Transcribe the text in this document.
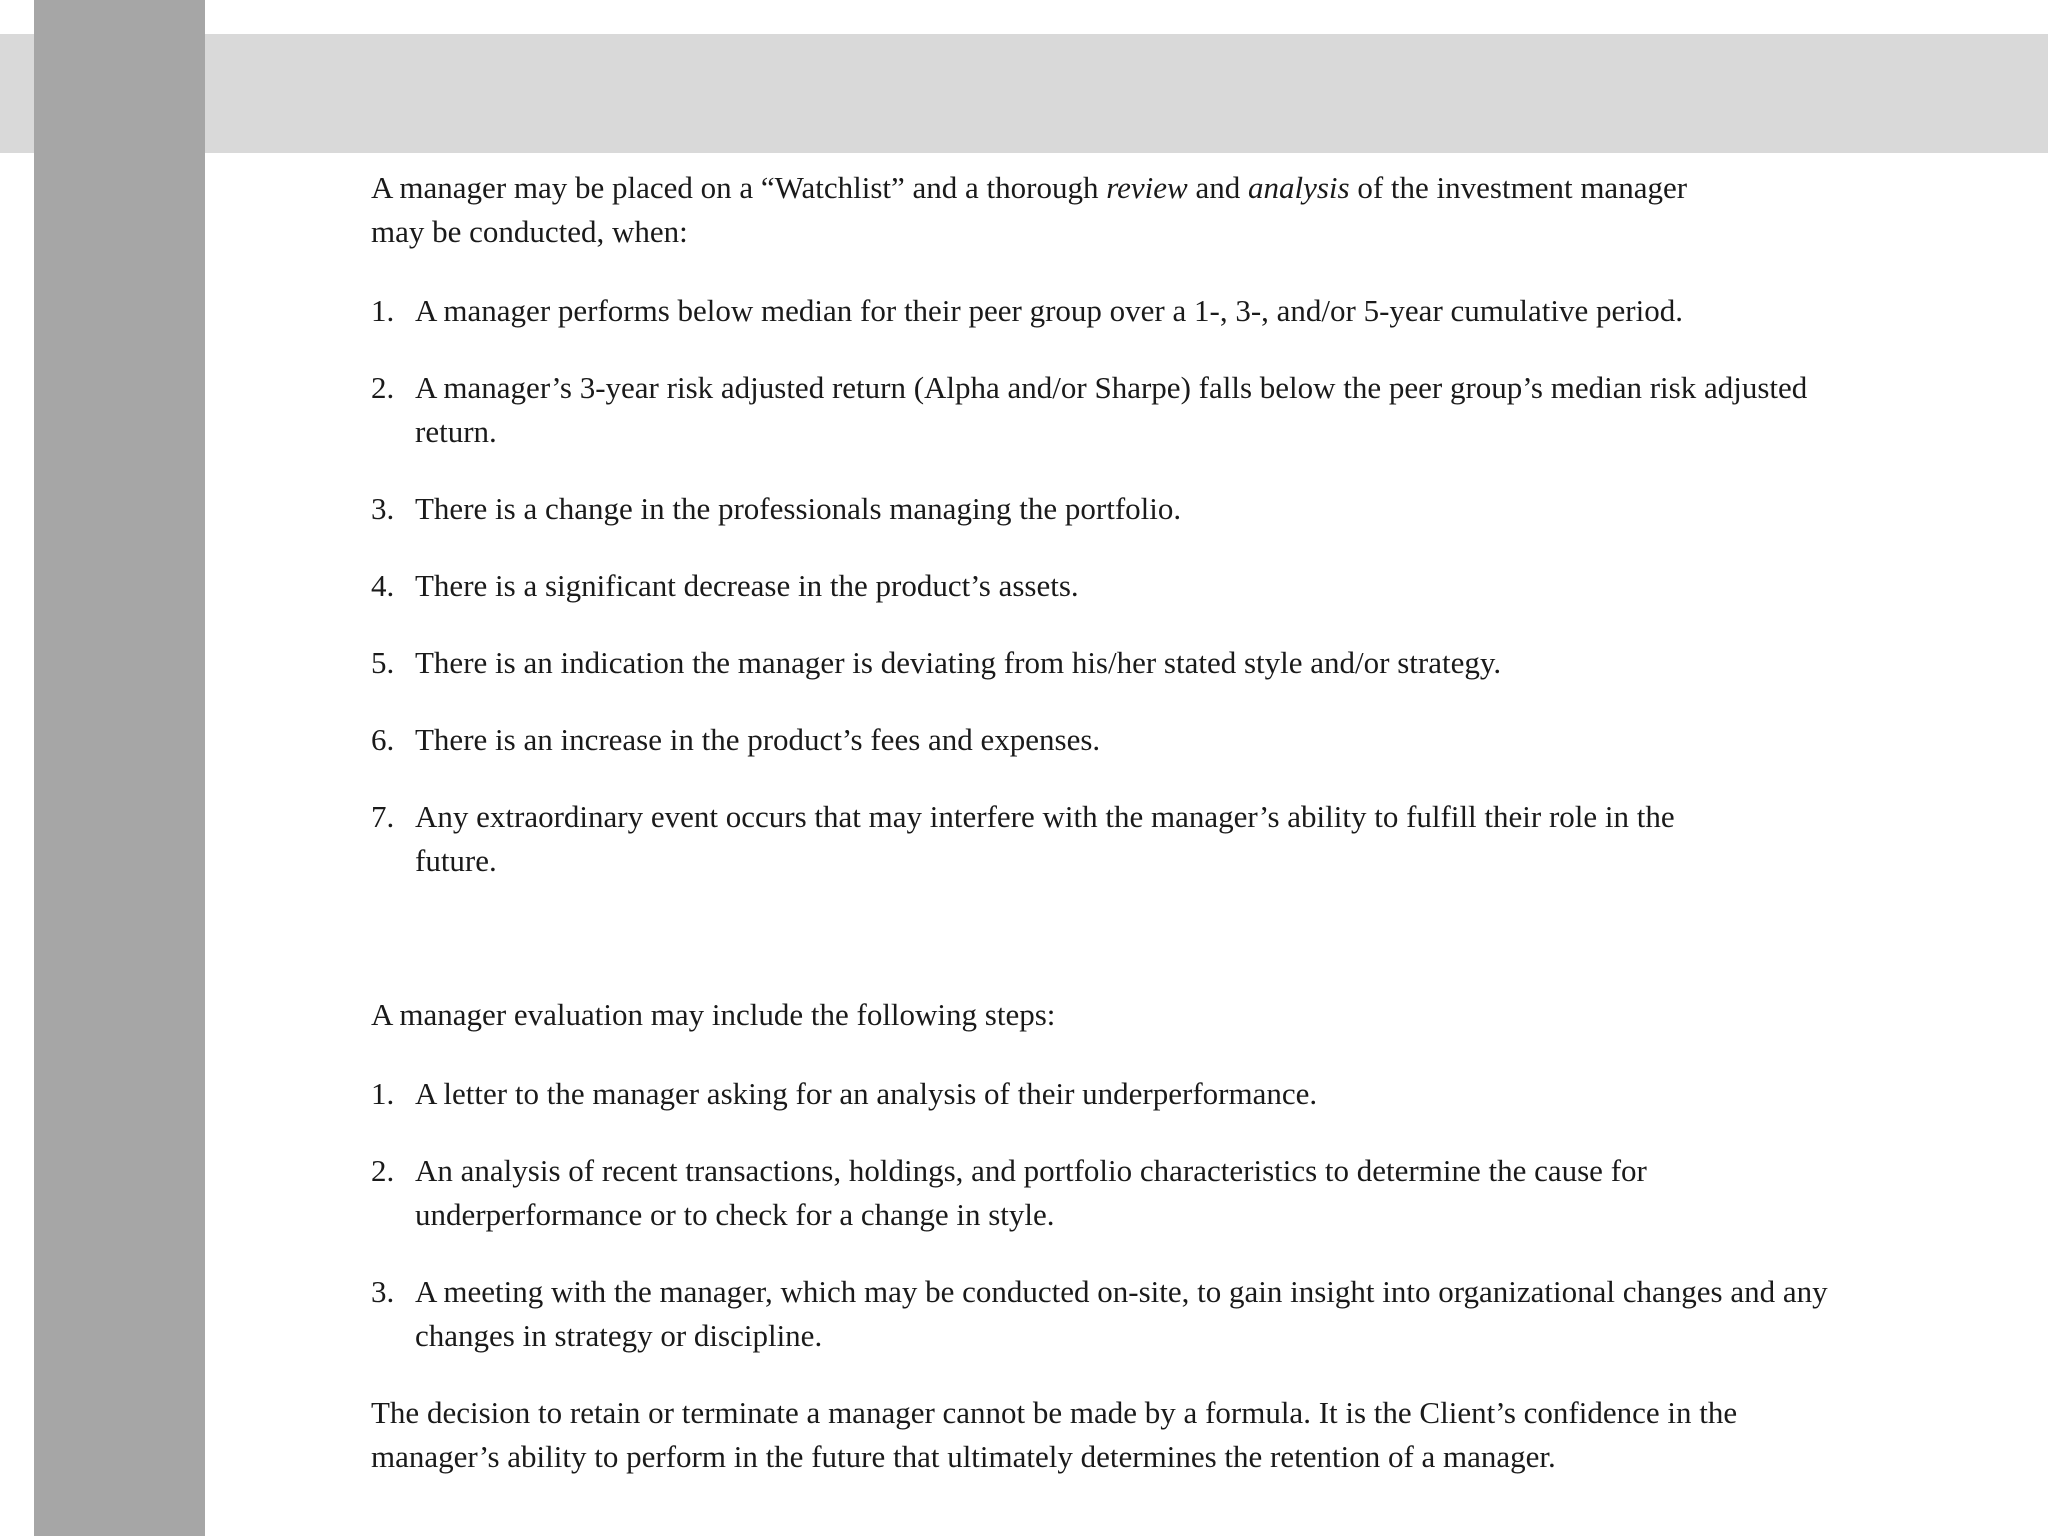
A manager may be placed on a “Watchlist” and a thorough review and analysis of the investment manager may be conducted, when:

1. A manager performs below median for their peer group over a 1-, 3-, and/or 5-year cumulative period.
2. A manager’s 3-year risk adjusted return (Alpha and/or Sharpe) falls below the peer group’s median risk adjusted return.
3. There is a change in the professionals managing the portfolio.
4. There is a significant decrease in the product’s assets.
5. There is an indication the manager is deviating from his/her stated style and/or strategy.
6. There is an increase in the product’s fees and expenses.
7. Any extraordinary event occurs that may interfere with the manager’s ability to fulfill their role in the future.

A manager evaluation may include the following steps:

1. A letter to the manager asking for an analysis of their underperformance.
2. An analysis of recent transactions, holdings, and portfolio characteristics to determine the cause for underperformance or to check for a change in style.
3. A meeting with the manager, which may be conducted on-site, to gain insight into organizational changes and any changes in strategy or discipline.

The decision to retain or terminate a manager cannot be made by a formula. It is the Client’s confidence in the manager’s ability to perform in the future that ultimately determines the retention of a manager.
